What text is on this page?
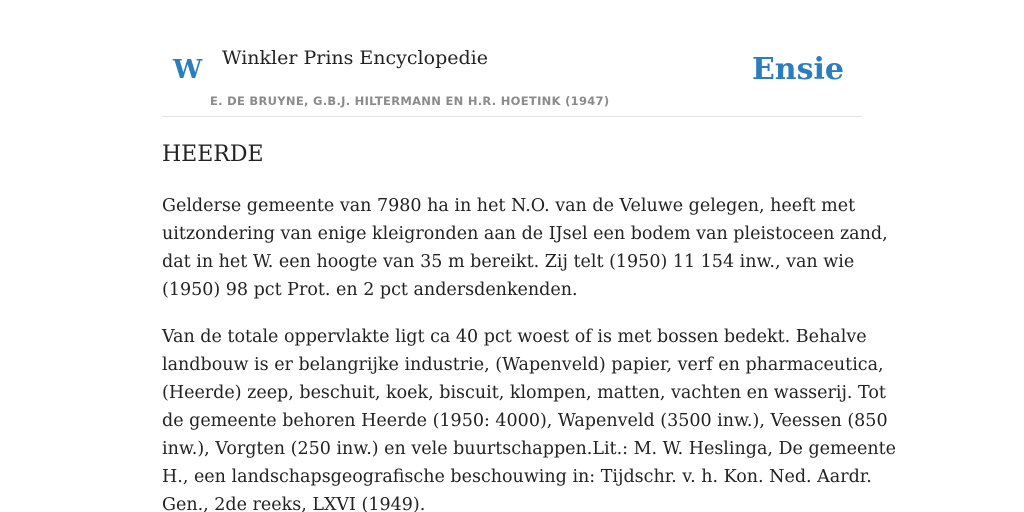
W Winkler Prins Encyclopedie
E. DE BRUYNE, G.B.J. HILTERMANN EN H.R. HOETINK (1947)
Ensie
HEERDE

Gelderse gemeente van 7980 ha in het N.O. van de Veluwe gelegen, heeft met
uitzondering van enige kleigronden aan de IJsel een bodem van pleistoceen zand,
dat in het W. een hoogte van 35 m bereikt. Zij telt (1950) 11 154 inw., van wie
(1950) 98 pct Prot. en 2 pct andersdenkenden.

Van de totale oppervlakte ligt ca 40 pct woest of is met bossen bedekt. Behalve
landbouw is er belangrijke industrie, (Wapenveld) papier, verf en pharmaceutica,
(Heerde) zeep, beschuit, koek, biscuit, klompen, matten, vachten en wasserij. Tot
de gemeente behoren Heerde (1950: 4000), Wapenveld (3500 inw.), Veessen (850
inw.), Vorgten (250 inw.) en vele buurtschappen.Lit.: M. W. Heslinga, De gemeente
H., een landschapsgeografische beschouwing in: Tijdschr. v. h. Kon. Ned. Aardr.
Gen., 2de reeks, LXVI (1949).
